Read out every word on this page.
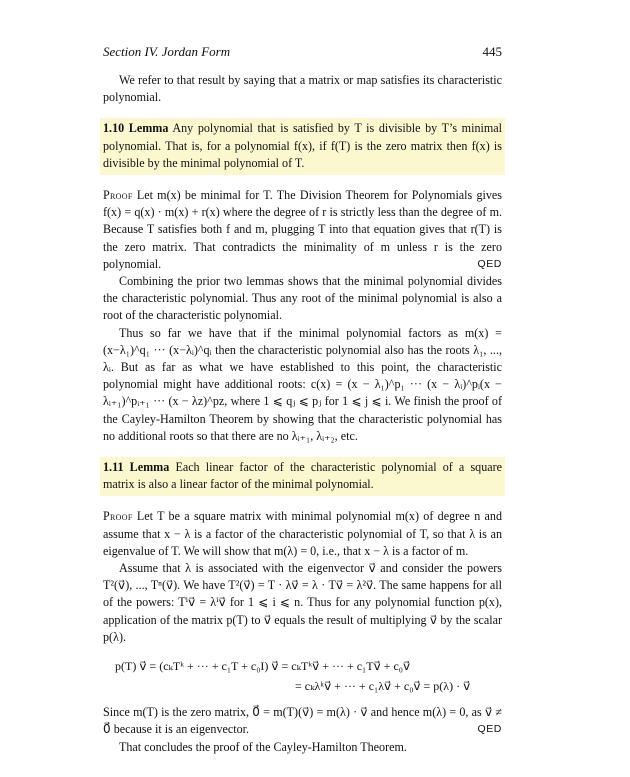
Section IV. Jordan Form	445

We refer to that result by saying that a matrix or map satisfies its characteristic polynomial.

1.10 Lemma Any polynomial that is satisfied by T is divisible by T’s minimal polynomial. That is, for a polynomial f(x), if f(T) is the zero matrix then f(x) is divisible by the minimal polynomial of T.

Proof Let m(x) be minimal for T. The Division Theorem for Polynomials gives f(x) = q(x) · m(x) + r(x) where the degree of r is strictly less than the degree of m. Because T satisfies both f and m, plugging T into that equation gives that r(T) is the zero matrix. That contradicts the minimality of m unless r is the zero polynomial.	QED

Combining the prior two lemmas shows that the minimal polynomial divides the characteristic polynomial. Thus any root of the minimal polynomial is also a root of the characteristic polynomial.

Thus so far we have that if the minimal polynomial factors as m(x) = (x−λ₁)^q₁ ··· (x−λᵢ)^qᵢ then the characteristic polynomial also has the roots λ₁, ..., λᵢ. But as far as what we have established to this point, the characteristic polynomial might have additional roots: c(x) = (x − λ₁)^p₁ ··· (x − λᵢ)^pᵢ(x − λᵢ₊₁)^pᵢ₊₁ ··· (x − λz)^pz, where 1 ⩽ qⱼ ⩽ pⱼ for 1 ⩽ j ⩽ i. We finish the proof of the Cayley-Hamilton Theorem by showing that the characteristic polynomial has no additional roots so that there are no λᵢ₊₁, λᵢ₊₂, etc.

1.11 Lemma Each linear factor of the characteristic polynomial of a square matrix is also a linear factor of the minimal polynomial.

Proof Let T be a square matrix with minimal polynomial m(x) of degree n and assume that x − λ is a factor of the characteristic polynomial of T, so that λ is an eigenvalue of T. We will show that m(λ) = 0, i.e., that x − λ is a factor of m.

Assume that λ is associated with the eigenvector v⃗ and consider the powers T²(v⃗), ..., Tⁿ(v⃗). We have T²(v⃗) = T · λv⃗ = λ · Tv⃗ = λ²v⃗. The same happens for all of the powers: Tⁱv⃗ = λⁱv⃗ for 1 ⩽ i ⩽ n. Thus for any polynomial function p(x), application of the matrix p(T) to v⃗ equals the result of multiplying v⃗ by the scalar p(λ).

p(T) v⃗ = (cₖTᵏ + ··· + c₁T + c₀I) v⃗ = cₖTᵏv⃗ + ··· + c₁Tv⃗ + c₀v⃗
= cₖλᵏv⃗ + ··· + c₁λv⃗ + c₀v⃗ = p(λ) · v⃗

Since m(T) is the zero matrix, 0⃗ = m(T)(v⃗) = m(λ) · v⃗ and hence m(λ) = 0, as v⃗ ≠ 0⃗ because it is an eigenvector.	QED

That concludes the proof of the Cayley-Hamilton Theorem.
